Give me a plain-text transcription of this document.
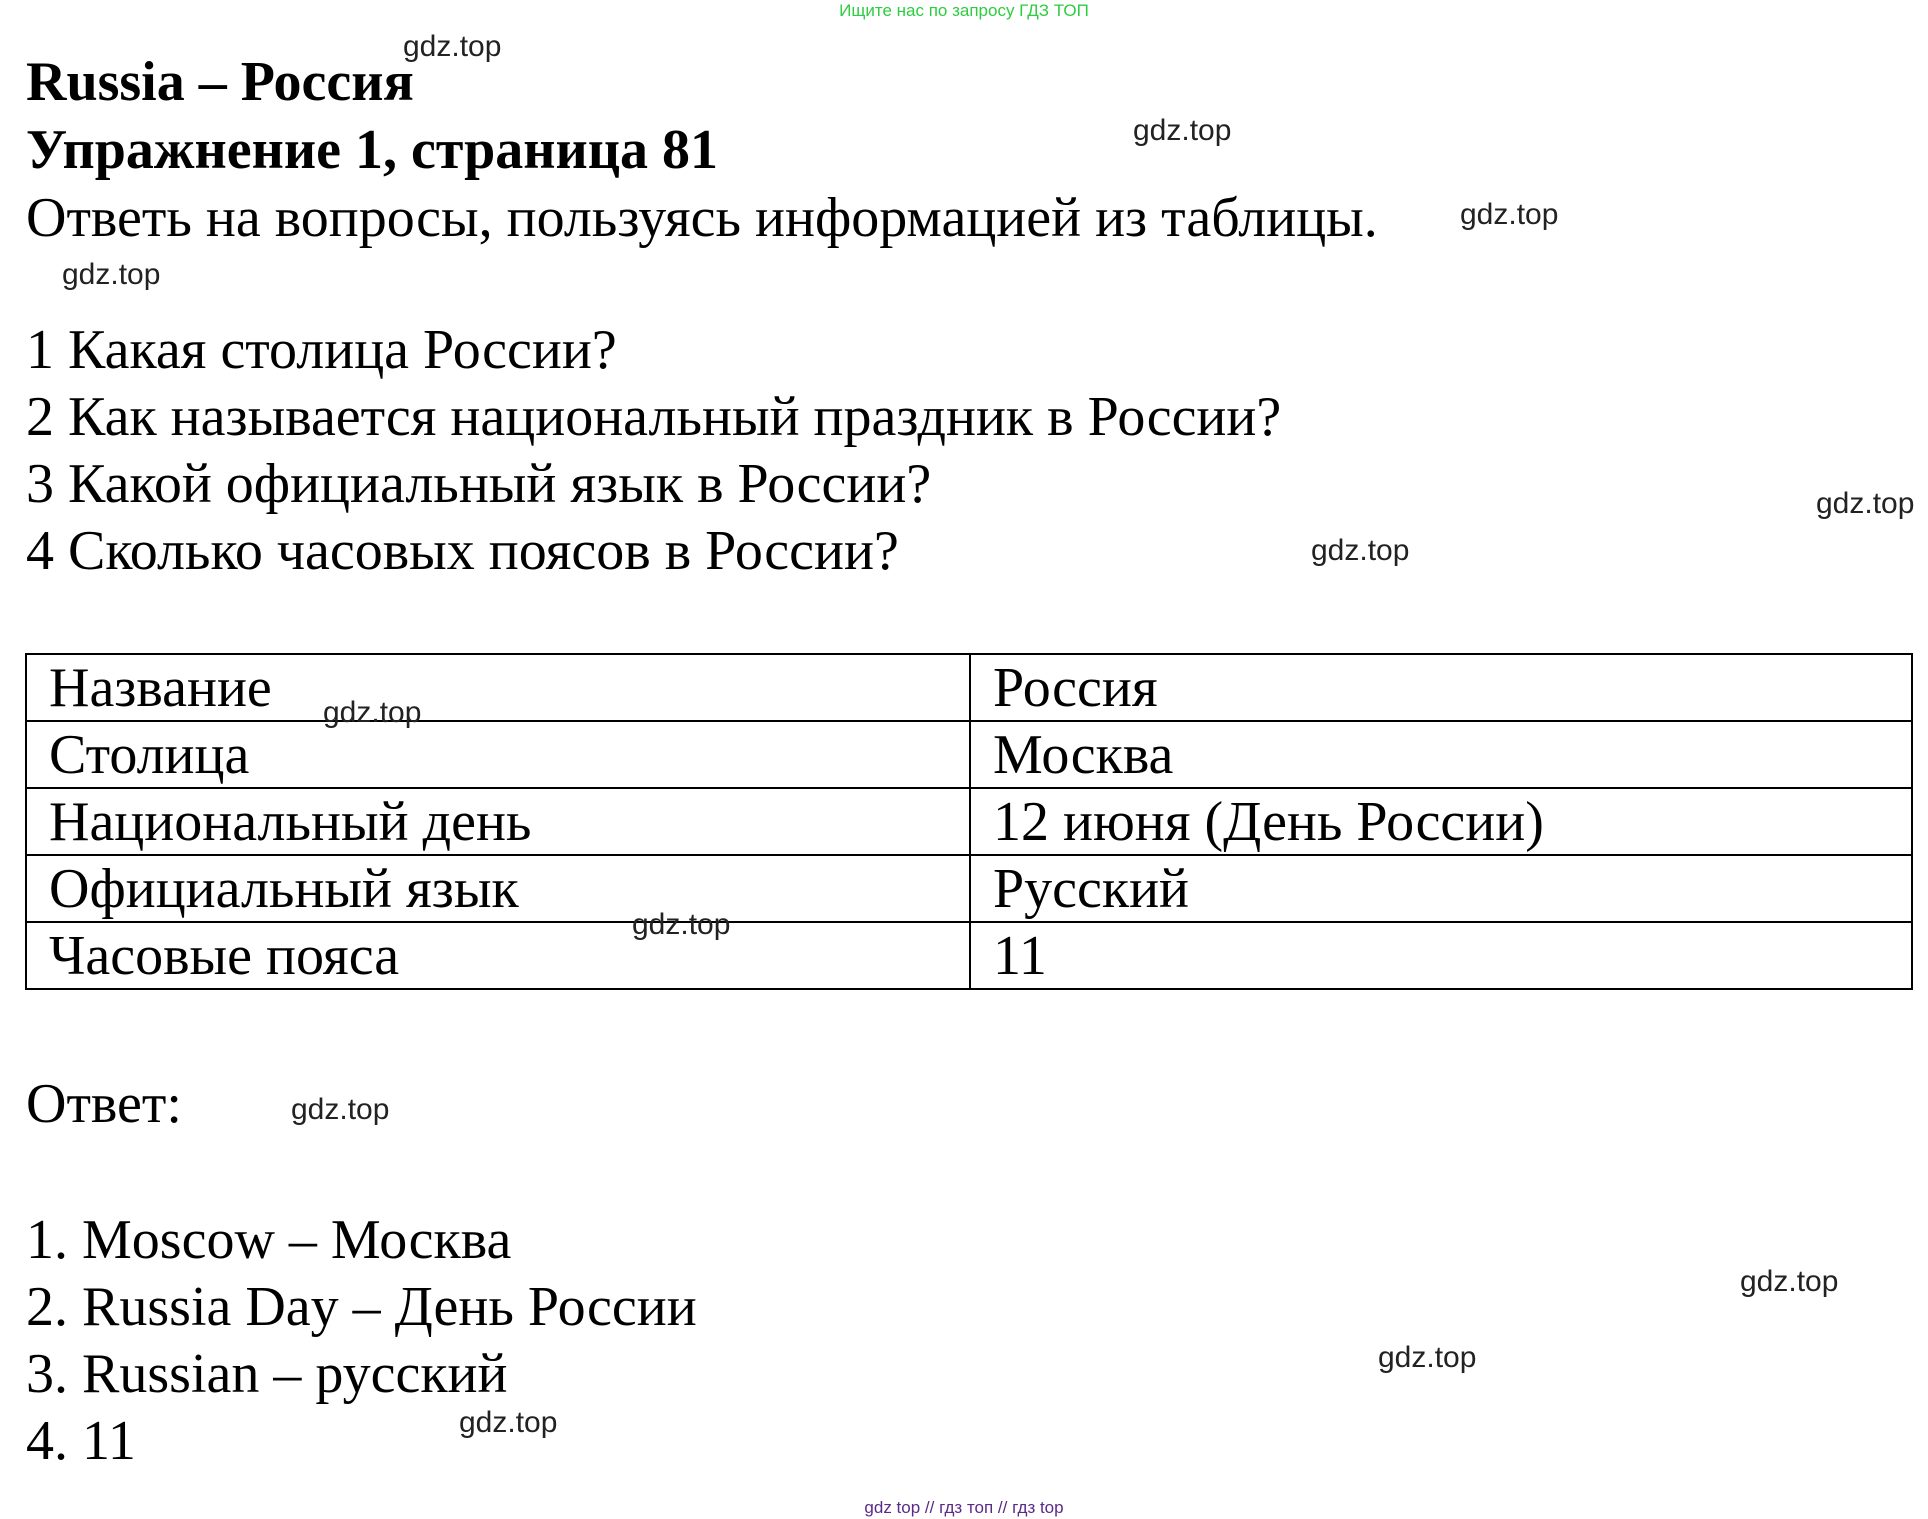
Ищите нас по запросу ГДЗ ТОП
Russia – Россия
Упражнение 1, страница 81
Ответь на вопросы, пользуясь информацией из таблицы.
1 Какая столица России?
2 Как называется национальный праздник в России?
3 Какой официальный язык в России?
4 Сколько часовых поясов в России?
Название	Россия
Столица	Москва
Национальный день	12 июня (День России)
Официальный язык	Русский
Часовые пояса	11
Ответ:
1. Moscow – Москва
2. Russia Day – День России
3. Russian – русский
4. 11
gdz.top
gdz.top
gdz.top
gdz.top
gdz.top
gdz.top
gdz.top
gdz.top
gdz.top
gdz.top
gdz.top
gdz.top
gdz top // гдз топ // гдз top
